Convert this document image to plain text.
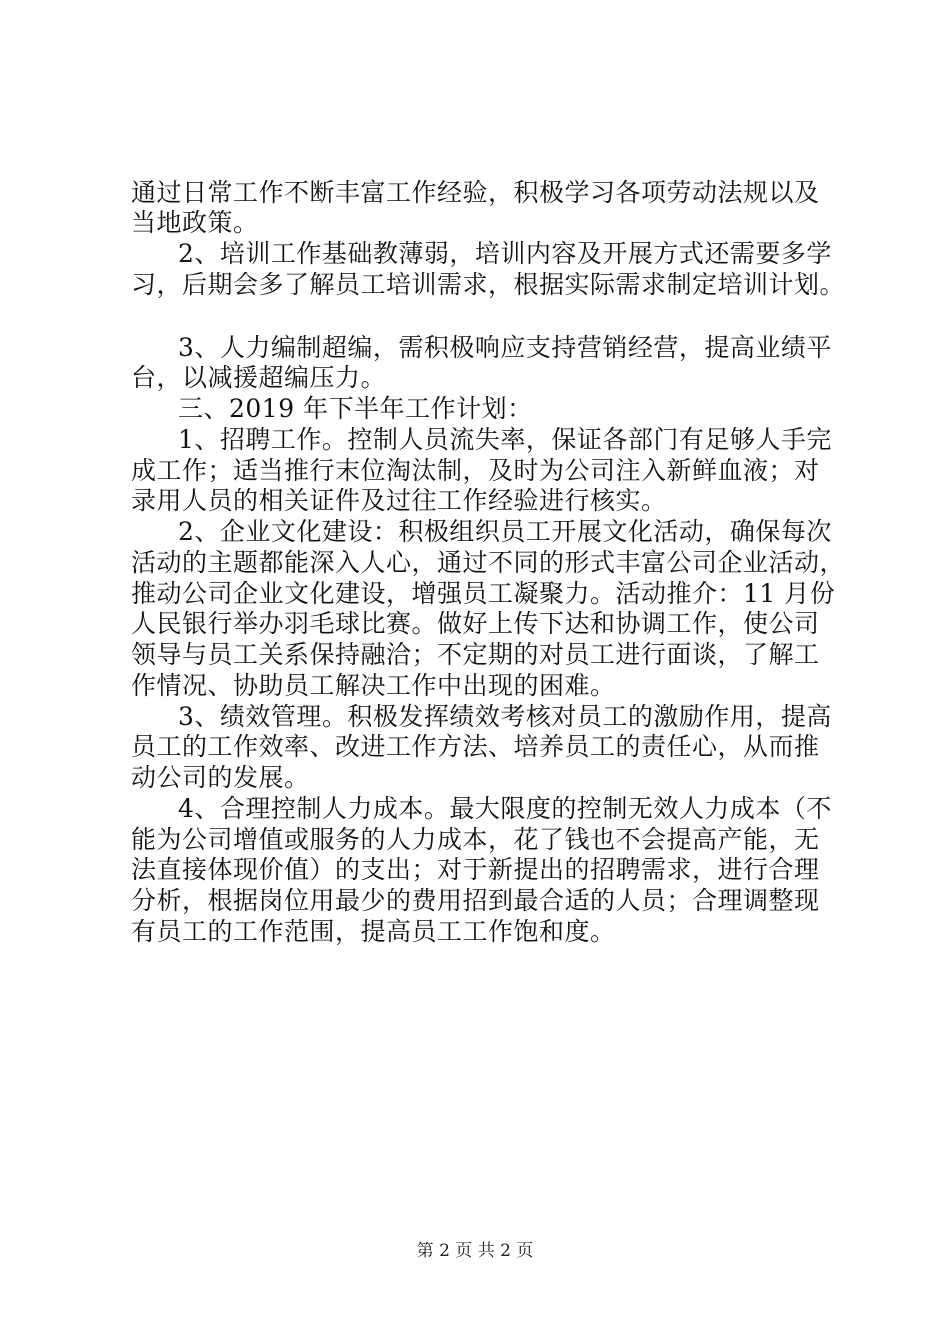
通过日常工作不断丰富工作经验，积极学习各项劳动法规以及
当地政策。
2、培训工作基础教薄弱，培训内容及开展方式还需要多学
习，后期会多了解员工培训需求，根据实际需求制定培训计划。
3、人力编制超编，需积极响应支持营销经营，提高业绩平
台，以减援超编压力。
三、2019 年下半年工作计划：
1、招聘工作。控制人员流失率，保证各部门有足够人手完
成工作；适当推行末位淘汰制，及时为公司注入新鲜血液；对
录用人员的相关证件及过往工作经验进行核实。
2、企业文化建设：积极组织员工开展文化活动，确保每次
活动的主题都能深入人心，通过不同的形式丰富公司企业活动，
推动公司企业文化建设，增强员工凝聚力。活动推介：11 月份
人民银行举办羽毛球比赛。做好上传下达和协调工作，使公司
领导与员工关系保持融洽；不定期的对员工进行面谈，了解工
作情况、协助员工解决工作中出现的困难。
3、绩效管理。积极发挥绩效考核对员工的激励作用，提高
员工的工作效率、改进工作方法、培养员工的责任心，从而推
动公司的发展。
4、合理控制人力成本。最大限度的控制无效人力成本（不
能为公司增值或服务的人力成本，花了钱也不会提高产能，无
法直接体现价值）的支出；对于新提出的招聘需求，进行合理
分析，根据岗位用最少的费用招到最合适的人员；合理调整现
有员工的工作范围，提高员工工作饱和度。
第 2 页 共 2 页
